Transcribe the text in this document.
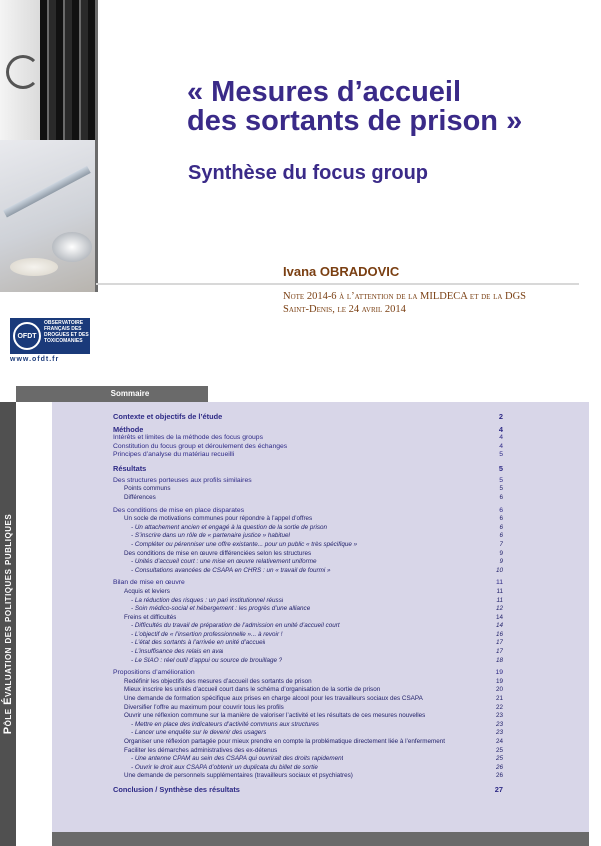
« Mesures d’accueil
des sortants de prison »
Synthèse du focus group
Ivana OBRADOVIC
Note 2014-6 à l’attention de la MILDECA et de la DGS
Saint-Denis, le 24 avril 2014
OFDT
OBSERVATOIRE
FRANÇAIS DES
DROGUES ET DES
TOXICOMANIES
www.ofdt.fr
Pôle Évaluation des politiques publiques
Sommaire
Contexte et objectifs de l’étude	2
Méthode	4
Intérêts et limites de la méthode des focus groups	4
Constitution du focus group et déroulement des échanges	4
Principes d’analyse du matériau recueilli	5
Résultats	5
Des structures porteuses aux profils similaires	5
Points communs	5
Différences	6
Des conditions de mise en place disparates	6
Un socle de motivations communes pour répondre à l’appel d’offres	6
- Un attachement ancien et engagé à la question de la sortie de prison	6
- S’inscrire dans un rôle de « partenaire justice » habituel	6
- Compléter ou pérenniser une offre existante... pour un public « très spécifique »	7
Des conditions de mise en œuvre différenciées selon les structures	9
- Unités d’accueil court : une mise en œuvre relativement uniforme	9
- Consultations avancées de CSAPA en CHRS : un « travail de fourmi »	10
Bilan de mise en œuvre	11
Acquis et leviers	11
- La réduction des risques : un pari institutionnel réussi	11
- Soin médico-social et hébergement : les progrès d’une alliance	12
Freins et difficultés	14
- Difficultés du travail de préparation de l’admission en unité d’accueil court	14
- L’objectif de « l’insertion professionnelle »... à revoir !	16
- L’état des sortants à l’arrivée en unité d’accueil	17
- L’insuffisance des relais en aval	17
- Le SIAO : réel outil d’appui ou source de brouillage ?	18
Propositions d’amélioration	19
Redéfinir les objectifs des mesures d’accueil des sortants de prison	19
Mieux inscrire les unités d’accueil court dans le schéma d’organisation de la sortie de prison	20
Une demande de formation spécifique aux prises en charge alcool pour les travailleurs sociaux des CSAPA	21
Diversifier l’offre au maximum pour couvrir tous les profils	22
Ouvrir une réflexion commune sur la manière de valoriser l’activité et les résultats de ces mesures nouvelles	23
- Mettre en place des indicateurs d’activité communs aux structures	23
- Lancer une enquête sur le devenir des usagers	23
Organiser une réflexion partagée pour mieux prendre en compte la problématique directement liée à l’enfermement	24
Faciliter les démarches administratives des ex-détenus	25
- Une antenne CPAM au sein des CSAPA qui ouvrirait des droits rapidement	25
- Ouvrir le droit aux CSAPA d’obtenir un duplicata du billet de sortie	26
Une demande de personnels supplémentaires (travailleurs sociaux et psychiatres)	26
Conclusion / Synthèse des résultats	27
